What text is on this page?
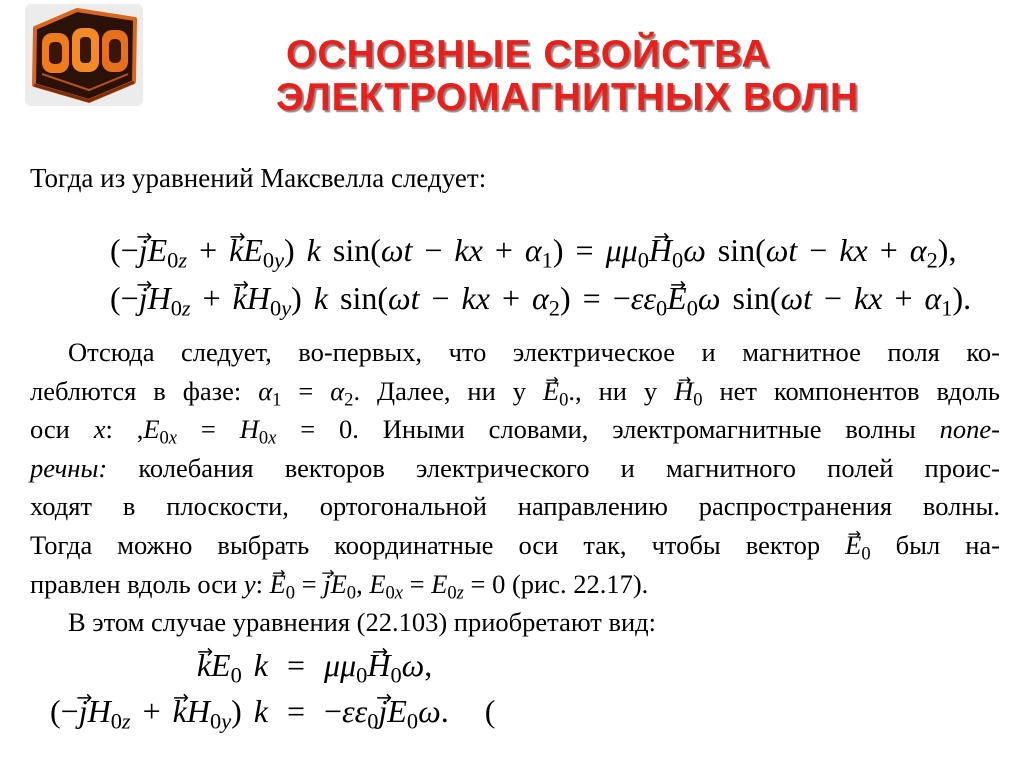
ОСНОВНЫЕ СВОЙСТВА
ЭЛЕКТРОМАГНИТНЫХ ВОЛН
Тогда из уравнений Максвелла следует:
(−→ $jE_{0z}$ + → $kE_{0y}$) k sin(ωt − kx + $\alpha_1) = \mu\mu_0\to H_0\omega$ sin(ωt − kx + $\alpha_2$),
(−→ $jH_{0z}$ + → $kH_{0y}$) k sin(ωt − kx + $\alpha_2) = -\varepsilon\varepsilon_0\to E_0\omega$ sin(ωt − kx + $\alpha_1$).
Отсюда следует, во-первых, что электрическое и магнитное поля ко-
леблются в фазе: $\alpha_1 = \alpha_2$. Далее, ни $у \to E_0$., ни $у \to H_0$ нет компонентов вдоль
оси x: $,E_{0x} = H_{0x} = 0$. Иными словами, электромагнитные волны попе-
речны: колебания векторов электрического и магнитного полей проис-
ходят в плоскости, ортогональной направлению распространения волны.
Тогда можно выбрать координатные оси так, чтобы вектор → $E_0$ был на-
правлен вдоль оси y: → $E_0$ = → $jE_0$, $E_{0x} = E_{0z} = 0$ (рис. 22.17).
В этом случае уравнения (22.103) приобретают вид:
→ $kE_0$ $k = \mu\mu_0\to H_0\omega$,
(−→ $jH_{0z}$ + → $kH_{0y}$) $k = -\varepsilon\varepsilon_0\to jE_0\omega$. (
